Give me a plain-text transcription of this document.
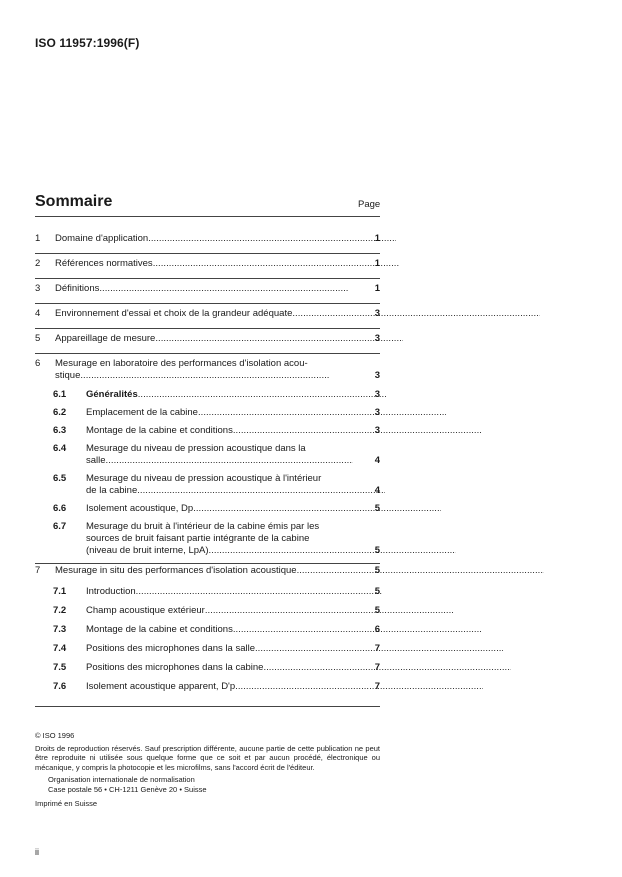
ISO 11957:1996(F)
Sommaire	Page
1	Domaine d'application . . .	1
2	Références normatives . . .	1
3	Définitions . . .	1
4	Environnement d'essai et choix de la grandeur adéquate . . .	3
5	Appareillage de mesure . . .	3
6	Mesurage en laboratoire des performances d'isolation acou-
stique . . .	3
6.1	Généralités . . .	3
6.2	Emplacement de la cabine . . .	3
6.3	Montage de la cabine et conditions . . .	3
6.4	Mesurage du niveau de pression acoustique dans la
salle . . .	4
6.5	Mesurage du niveau de pression acoustique à l'intérieur
de la cabine . . .	4
6.6	Isolement acoustique, Dp . . .	5
6.7	Mesurage du bruit à l'intérieur de la cabine émis par les
sources de bruit faisant partie intégrante de la cabine
(niveau de bruit interne, LpA) . . .	5
7	Mesurage in situ des performances d'isolation acoustique . . .	5
7.1	Introduction . . .	5
7.2	Champ acoustique extérieur . . .	5
7.3	Montage de la cabine et conditions . . .	6
7.4	Positions des microphones dans la salle . . .	7
7.5	Positions des microphones dans la cabine . . .	7
7.6	Isolement acoustique apparent, D'p . . .	7

© ISO 1996

Droits de reproduction réservés. Sauf prescription différente, aucune partie de cette publication ne peut être reproduite ni utilisée sous quelque forme que ce soit et par aucun procédé, électronique ou mécanique, y compris la photocopie et les microfilms, sans l'accord écrit de l'éditeur.

Organisation internationale de normalisation

Case postale 56 • CH-1211 Genève 20 • Suisse

Imprimé en Suisse

ii
